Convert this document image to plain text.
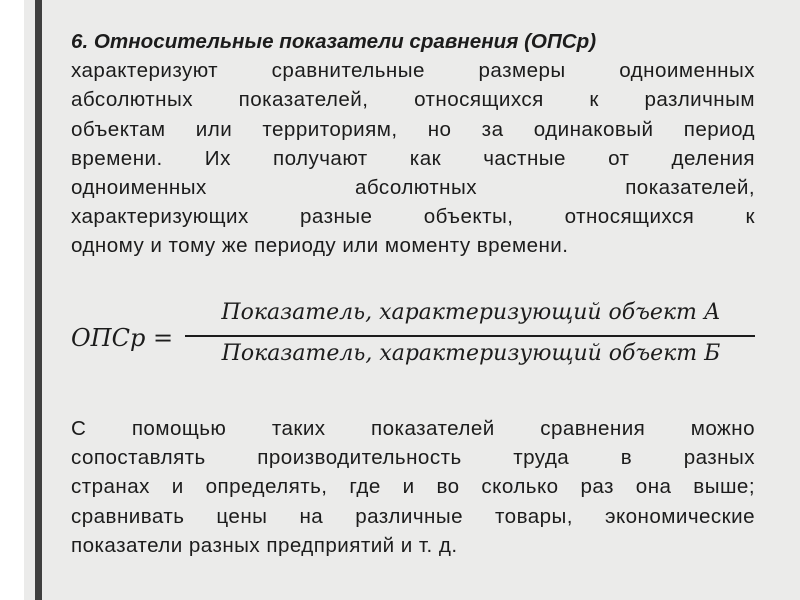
6. Относительные показатели сравнения (ОПСр)
характеризуют сравнительные размеры одноименных
абсолютных показателей, относящихся к различным
объектам или территориям, но за одинаковый период
времени. Их получают как частные от деления
одноименных абсолютных показателей,
характеризующих разные объекты, относящихся к
одному и тому же периоду или моменту времени.
ОПСр =
Показатель, характеризующий объект А
Показатель, характеризующий объект Б
С помощью таких показателей сравнения можно
сопоставлять производительность труда в разных
странах и определять, где и во сколько раз она выше;
сравнивать цены на различные товары, экономические
показатели разных предприятий и т. д.
